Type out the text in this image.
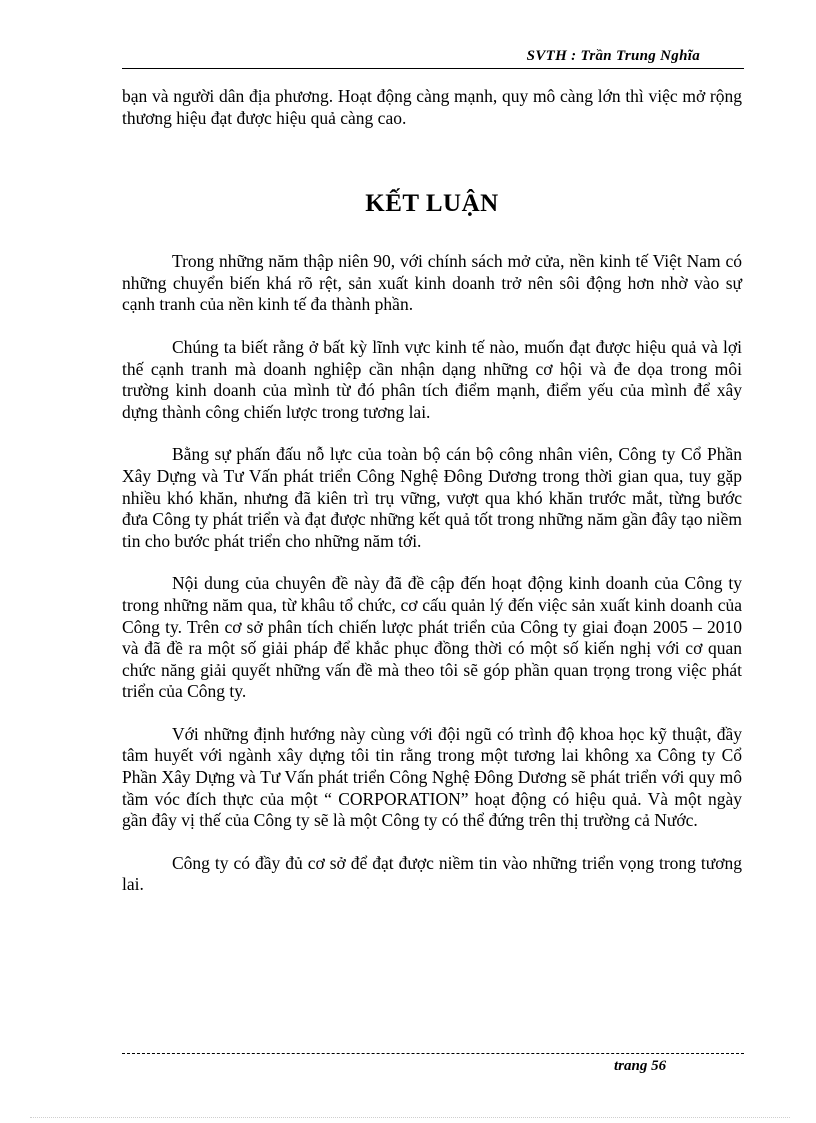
SVTH : Trần Trung Nghĩa

bạn và người dân địa phương. Hoạt động càng mạnh, quy mô càng lớn thì việc mở rộng thương hiệu đạt được hiệu quả càng cao.

KẾT LUẬN

Trong những năm thập niên 90, với chính sách mở cửa, nền kinh tế Việt Nam có những chuyển biến khá rõ rệt, sản xuất kinh doanh trở nên sôi động hơn nhờ vào sự cạnh tranh của nền kinh tế đa thành phần.

Chúng ta biết rằng ở bất kỳ lĩnh vực kinh tế nào, muốn đạt được hiệu quả và lợi thế cạnh tranh mà doanh nghiệp cần nhận dạng những cơ hội và đe dọa trong môi trường kinh doanh của mình từ đó phân tích điểm mạnh, điểm yếu của mình để xây dựng thành công chiến lược trong tương lai.

Bằng sự phấn đấu nỗ lực của toàn bộ cán bộ công nhân viên, Công ty Cổ Phần Xây Dựng và Tư Vấn phát triển Công Nghệ Đông Dương trong thời gian qua, tuy gặp nhiều khó khăn, nhưng đã kiên trì trụ vững, vượt qua khó khăn trước mắt, từng bước đưa Công ty phát triển và đạt được những kết quả tốt trong những năm gần đây tạo niềm tin cho bước phát triển cho những năm tới.

Nội dung của chuyên đề này đã đề cập đến hoạt động kinh doanh của Công ty trong những năm qua, từ khâu tổ chức, cơ cấu quản lý đến việc sản xuất kinh doanh của Công ty. Trên cơ sở phân tích chiến lược phát triển của Công ty giai đoạn 2005 – 2010 và đã đề ra một số giải pháp để khắc phục đồng thời có một số kiến nghị với cơ quan chức năng giải quyết những vấn đề mà theo tôi sẽ góp phần quan trọng trong việc phát triển của Công ty.

Với những định hướng này cùng với đội ngũ có trình độ khoa học kỹ thuật, đầy tâm huyết với ngành xây dựng tôi tin rằng trong một tương lai không xa Công ty Cổ Phần Xây Dựng và Tư Vấn phát triển Công Nghệ Đông Dương sẽ phát triển với quy mô tầm vóc đích thực của một “ CORPORATION” hoạt động có hiệu quả. Và một ngày gần đây vị thế của Công ty sẽ là một Công ty có thể đứng trên thị trường cả Nước.

Công ty có đầy đủ cơ sở để đạt được niềm tin vào những triển vọng trong tương lai.

trang 56
